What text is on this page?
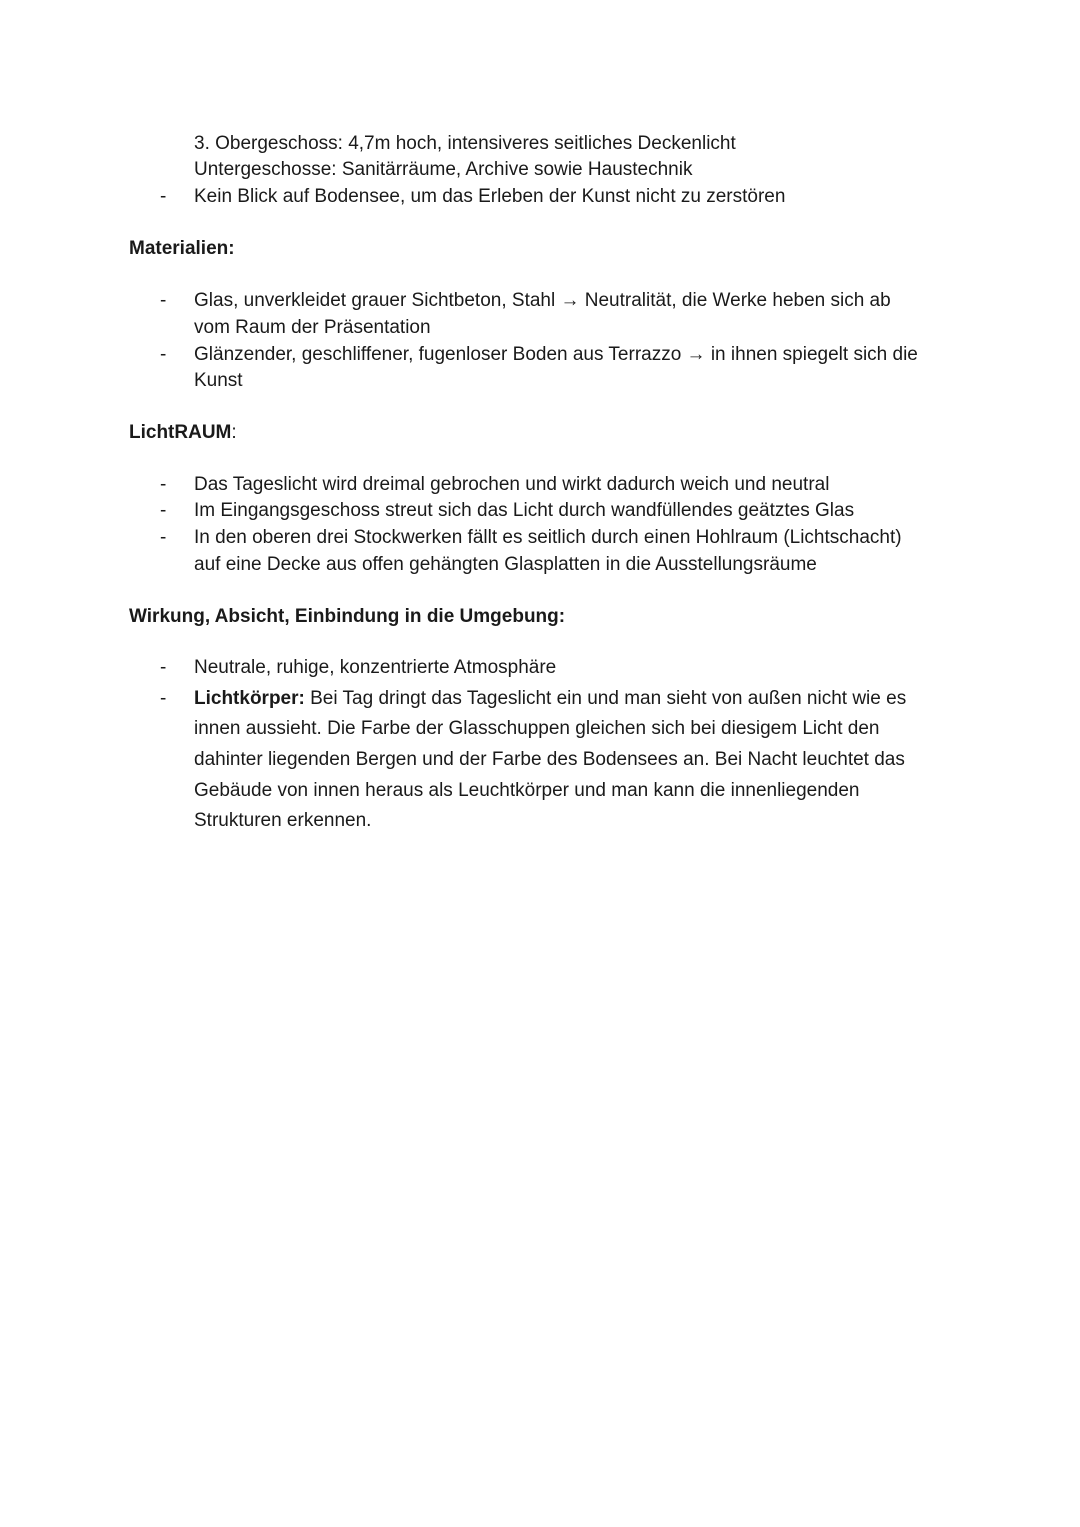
3. Obergeschoss: 4,7m hoch, intensiveres seitliches Deckenlicht
Untergeschosse: Sanitärräume, Archive sowie Haustechnik
- Kein Blick auf Bodensee, um das Erleben der Kunst nicht zu zerstören
Materialien:
- Glas, unverkleidet grauer Sichtbeton, Stahl → Neutralität, die Werke heben sich ab
vom Raum der Präsentation
- Glänzender, geschliffener, fugenloser Boden aus Terrazzo → in ihnen spiegelt sich die
Kunst
LichtRAUM:
- Das Tageslicht wird dreimal gebrochen und wirkt dadurch weich und neutral
- Im Eingangsgeschoss streut sich das Licht durch wandfüllendes geätztes Glas
- In den oberen drei Stockwerken fällt es seitlich durch einen Hohlraum (Lichtschacht)
auf eine Decke aus offen gehängten Glasplatten in die Ausstellungsräume
Wirkung, Absicht, Einbindung in die Umgebung:
- Neutrale, ruhige, konzentrierte Atmosphäre
- Lichtkörper: Bei Tag dringt das Tageslicht ein und man sieht von außen nicht wie es
innen aussieht. Die Farbe der Glasschuppen gleichen sich bei diesigem Licht den
dahinter liegenden Bergen und der Farbe des Bodensees an. Bei Nacht leuchtet das
Gebäude von innen heraus als Leuchtkörper und man kann die innenliegenden
Strukturen erkennen.
